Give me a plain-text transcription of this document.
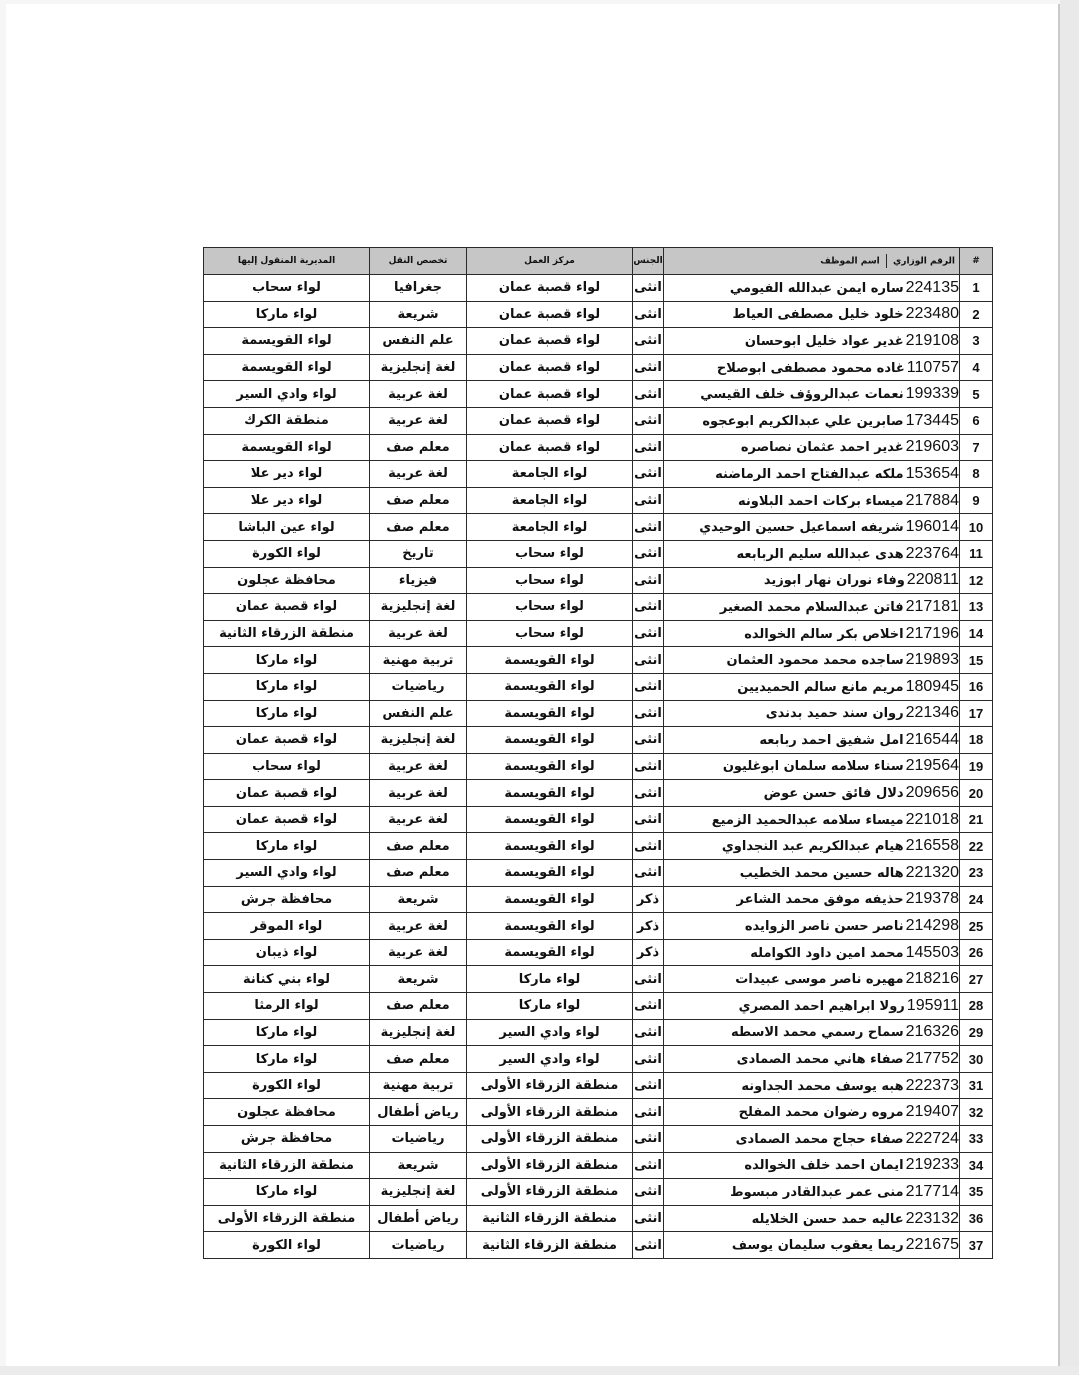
#	الرقم الوزاري  اسم الموظف	الجنس	مركز العمل	تخصص النقل	المديرية المنقول إليها
1	224135ساره ايمن عبدالله الفيومي	انثى	لواء قصبة عمان	جغرافيا	لواء سحاب
2	223480خلود خليل مصطفى العياط	انثى	لواء قصبة عمان	شريعة	لواء ماركا
3	219108غدير عواد خليل ابوحسان	انثى	لواء قصبة عمان	علم النفس	لواء القويسمة
4	110757غاده محمود مصطفى ابوصلاح	انثى	لواء قصبة عمان	لغة إنجليزية	لواء القويسمة
5	199339نعمات عبدالروؤف خلف القيسي	انثى	لواء قصبة عمان	لغة عربية	لواء وادي السير
6	173445صابرين علي عبدالكريم ابوعجوه	انثى	لواء قصبة عمان	لغة عربية	منطقة الكرك
7	219603غدير احمد عثمان نصاصره	انثى	لواء قصبة عمان	معلم صف	لواء القويسمة
8	153654ملكه عبدالفتاح احمد الرماضنه	انثى	لواء الجامعة	لغة عربية	لواء دير علا
9	217884ميساء بركات احمد البلاونه	انثى	لواء الجامعة	معلم صف	لواء دير علا
10	196014شريفه اسماعيل حسين الوحيدي	انثى	لواء الجامعة	معلم صف	لواء عين الباشا
11	223764هدى عبدالله سليم الربابعه	انثى	لواء سحاب	تاريخ	لواء الكورة
12	220811وفاء نوران نهار ابوزيد	انثى	لواء سحاب	فيزياء	محافظة عجلون
13	217181فاتن عبدالسلام محمد الصغير	انثى	لواء سحاب	لغة إنجليزية	لواء قصبة عمان
14	217196اخلاص بكر سالم الخوالده	انثى	لواء سحاب	لغة عربية	منطقة الزرقاء الثانية
15	219893ساجده محمد محمود العثمان	انثى	لواء القويسمة	تربية مهنية	لواء ماركا
16	180945مريم مانع سالم الحميديين	انثى	لواء القويسمة	رياضيات	لواء ماركا
17	221346روان سند حميد بدندى	انثى	لواء القويسمة	علم النفس	لواء ماركا
18	216544امل شفيق احمد ربابعه	انثى	لواء القويسمة	لغة إنجليزية	لواء قصبة عمان
19	219564سناء سلامه سلمان ابوغليون	انثى	لواء القويسمة	لغة عربية	لواء سحاب
20	209656دلال فائق حسن عوض	انثى	لواء القويسمة	لغة عربية	لواء قصبة عمان
21	221018ميساء سلامه عبدالحميد الزميع	انثى	لواء القويسمة	لغة عربية	لواء قصبة عمان
22	216558هيام عبدالكريم عبد النجداوي	انثى	لواء القويسمة	معلم صف	لواء ماركا
23	221320هاله حسين محمد الخطيب	انثى	لواء القويسمة	معلم صف	لواء وادي السير
24	219378حذيفه موفق محمد الشاعر	ذكر	لواء القويسمة	شريعة	محافظة جرش
25	214298ناصر حسن ناصر الزوايده	ذكر	لواء القويسمة	لغة عربية	لواء الموقر
26	145503محمد امين داود الكوامله	ذكر	لواء القويسمة	لغة عربية	لواء ذيبان
27	218216مهيره ناصر موسى عبيدات	انثى	لواء ماركا	شريعة	لواء بني كنانة
28	195911رولا ابراهيم احمد المصري	انثى	لواء ماركا	معلم صف	لواء الرمثا
29	216326سماح رسمي محمد الاسطه	انثى	لواء وادي السير	لغة إنجليزية	لواء ماركا
30	217752صفاء هاني محمد الصمادى	انثى	لواء وادي السير	معلم صف	لواء ماركا
31	222373هبه يوسف محمد الجداونه	انثى	منطقة الزرقاء الأولى	تربية مهنية	لواء الكورة
32	219407مروه رضوان محمد المفلح	انثى	منطقة الزرقاء الأولى	رياض أطفال	محافظة عجلون
33	222724صفاء حجاج محمد الصمادى	انثى	منطقة الزرقاء الأولى	رياضيات	محافظة جرش
34	219233ايمان احمد خلف الخوالده	انثى	منطقة الزرقاء الأولى	شريعة	منطقة الزرقاء الثانية
35	217714منى عمر عبدالقادر مبسوط	انثى	منطقة الزرقاء الأولى	لغة إنجليزية	لواء ماركا
36	223132عاليه حمد حسن الخلايله	انثى	منطقة الزرقاء الثانية	رياض أطفال	منطقة الزرقاء الأولى
37	221675ريما يعقوب سليمان يوسف	انثى	منطقة الزرقاء الثانية	رياضيات	لواء الكورة
